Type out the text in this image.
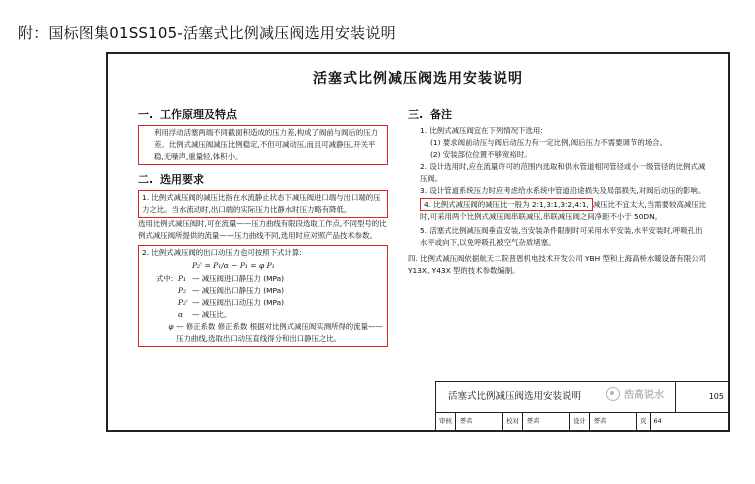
附：国标图集01SS105-活塞式比例减压阀选用安装说明
活塞式比例减压阀选用安装说明
一. 工作原理及特点

利用浮动活塞两端不同截面积造成的压力差,构成了阀前与阀后的压力差。比例式减压阀减压比例稳定,不但可减动压,而且可减静压,开关平稳,无噪声,重量轻,体积小。

二. 选用要求

1. 比例式减压阀的减压比指在水流静止状态下减压阀进口端与出口端的压力之比。当水流动时,出口端的实际压力比静水时压力略有降低。

选用比例式减压阀时,可在流量——压力曲线有限段选取工作点,不同型号的比例式减压阀所提供的流量——压力曲线不同,选用时应对照产品技术参数。

2. 比例式减压阀的出口动压力也可按照下式计算:

P₂' = P₁/α − P₁ = φ P₁
式中: P₁ — 减压阀进口静压力 (MPa)
P₂ — 减压阀出口静压力 (MPa)
P₂' — 减压阀出口动压力 (MPa)
α	— 减压比。
φ — 修正系数 修正系数 根据对比例式减压阀实测所得的流量——压力曲线,选取出口动压直线得分和出口静压之比。
三. 备注

1. 比例式减压阀宜在下列情况下选用:

(1) 要求阀前动压与阀后动压力有一定比例,阀后压力不需要调节的场合。

(2) 安装部位位置不够宽裕时。

2. 设计选用时,应在流量许可的范围内选取和供水管道相同管径或小一级管径的比例式减压阀。

3. 设计管道系统压力时应考虑给水系统中管道沿途损失及局部损失,对阀后动压的影响。

4. 比例式减压阀的减压比一般为 2:1,3:1,3:2,4:1, 减压比不宜太大,当需要较高减压比时,可采用两个比例式减压阀串联减压,串联减压阀之间净距不小于 50DN。

5. 活塞式比例减压阀垂直安装,当安装条件限制时可采用水平安装,水平安装时,呼吸孔出水平或向下,以免呼吸孔被空气杂质堵塞。

四. 比例式减压阀依据航天二院普恩机电技术开发公司 YBH 型和上海高桥水暖设备有限公司 Y13X, Y43X 型的技术参数编制。

活塞式比例减压阀选用安装说明	105
审核	签名	校对	签名	设计	签名	页	64
浩高说水
